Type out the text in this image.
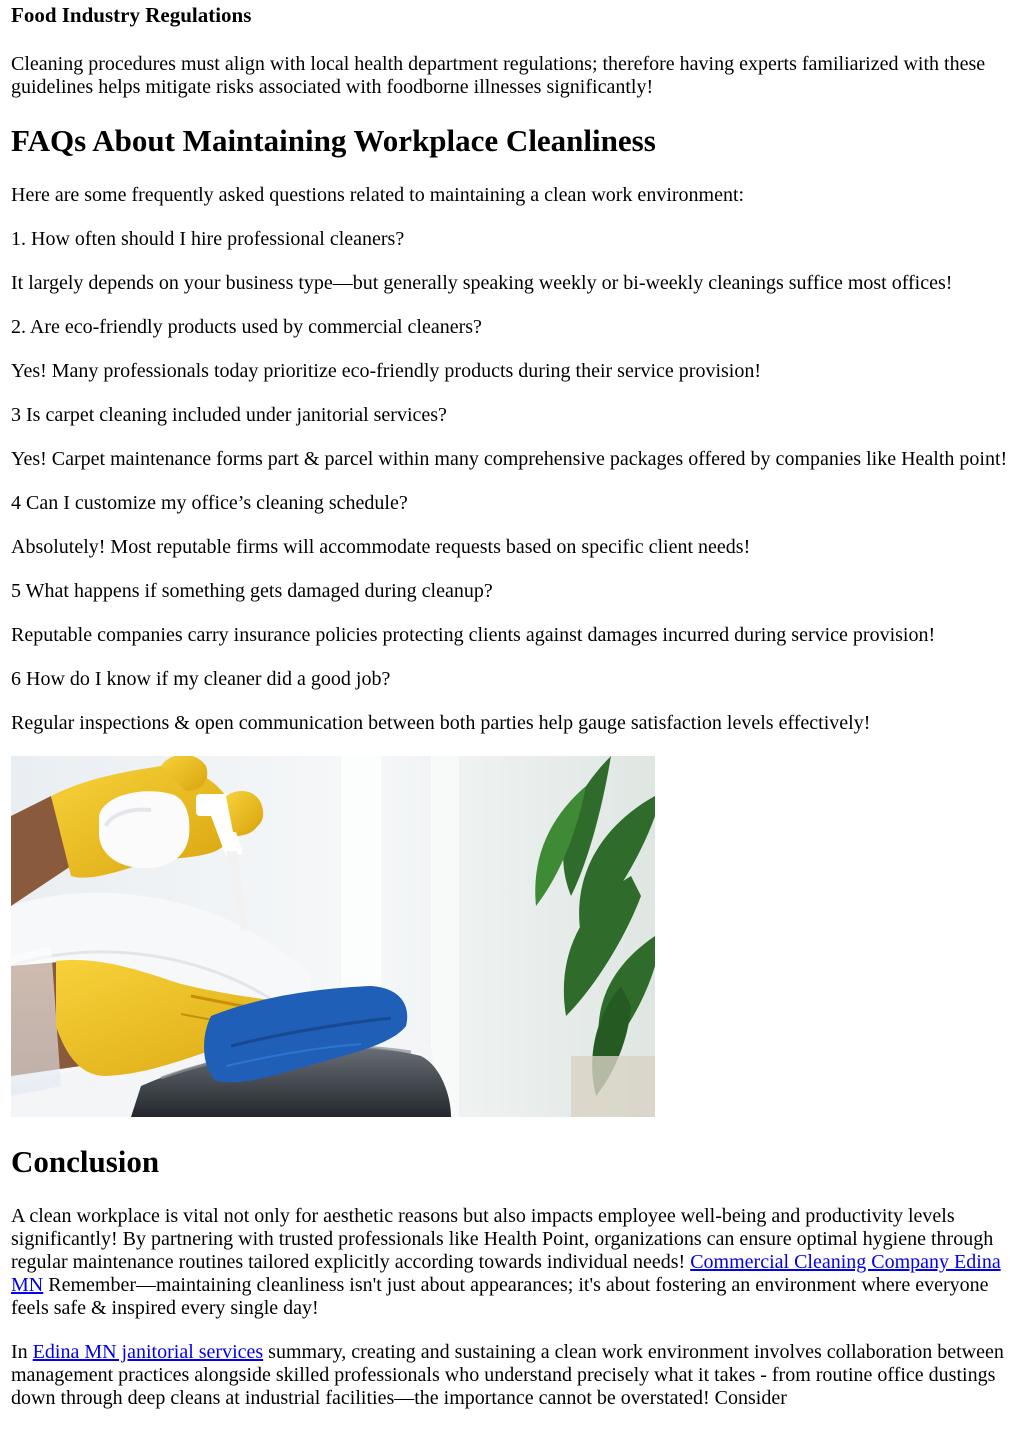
Food Industry Regulations

Cleaning procedures must align with local health department regulations; therefore having experts familiarized with these guidelines helps mitigate risks associated with foodborne illnesses significantly!

FAQs About Maintaining Workplace Cleanliness

Here are some frequently asked questions related to maintaining a clean work environment:

1. How often should I hire professional cleaners?

It largely depends on your business type—but generally speaking weekly or bi-weekly cleanings suffice most offices!

2. Are eco-friendly products used by commercial cleaners?

Yes! Many professionals today prioritize eco-friendly products during their service provision!

3 Is carpet cleaning included under janitorial services?

Yes! Carpet maintenance forms part & parcel within many comprehensive packages offered by companies like Health point!

4 Can I customize my office’s cleaning schedule?

Absolutely! Most reputable firms will accommodate requests based on specific client needs!

5 What happens if something gets damaged during cleanup?

Reputable companies carry insurance policies protecting clients against damages incurred during service provision!

6 How do I know if my cleaner did a good job?

Regular inspections & open communication between both parties help gauge satisfaction levels effectively!

Conclusion

A clean workplace is vital not only for aesthetic reasons but also impacts employee well-being and productivity levels significantly! By partnering with trusted professionals like Health Point, organizations can ensure optimal hygiene through regular maintenance routines tailored explicitly according towards individual needs! Commercial Cleaning Company Edina MN Remember—maintaining cleanliness isn't just about appearances; it's about fostering an environment where everyone feels safe & inspired every single day!

In Edina MN janitorial services summary, creating and sustaining a clean work environment involves collaboration between management practices alongside skilled professionals who understand precisely what it takes - from routine office dustings down through deep cleans at industrial facilities—the importance cannot be overstated! Consider
